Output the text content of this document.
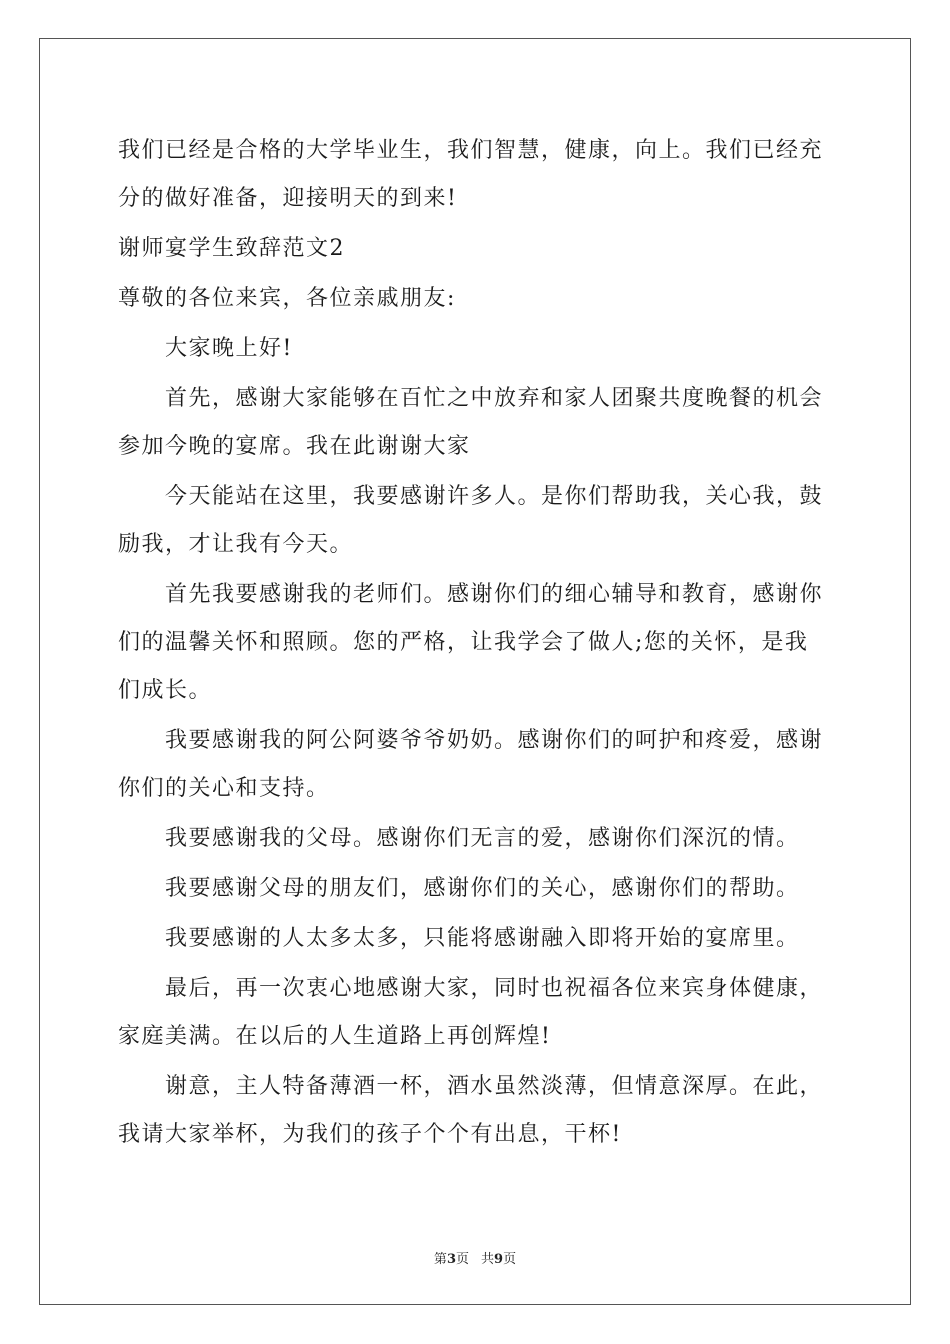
我们已经是合格的大学毕业生，我们智慧，健康，向上。我们已经充
分的做好准备，迎接明天的到来!
谢师宴学生致辞范文2
尊敬的各位来宾，各位亲戚朋友:
大家晚上好!
首先，感谢大家能够在百忙之中放弃和家人团聚共度晚餐的机会
参加今晚的宴席。我在此谢谢大家
今天能站在这里，我要感谢许多人。是你们帮助我，关心我，鼓
励我，才让我有今天。
首先我要感谢我的老师们。感谢你们的细心辅导和教育，感谢你
们的温馨关怀和照顾。您的严格，让我学会了做人;您的关怀，是我
们成长。
我要感谢我的阿公阿婆爷爷奶奶。感谢你们的呵护和疼爱，感谢
你们的关心和支持。
我要感谢我的父母。感谢你们无言的爱，感谢你们深沉的情。
我要感谢父母的朋友们，感谢你们的关心，感谢你们的帮助。
我要感谢的人太多太多，只能将感谢融入即将开始的宴席里。
最后，再一次衷心地感谢大家，同时也祝福各位来宾身体健康，
家庭美满。在以后的人生道路上再创辉煌!
谢意，主人特备薄酒一杯，酒水虽然淡薄，但情意深厚。在此，
我请大家举杯，为我们的孩子个个有出息，干杯!
第3页 共9页
